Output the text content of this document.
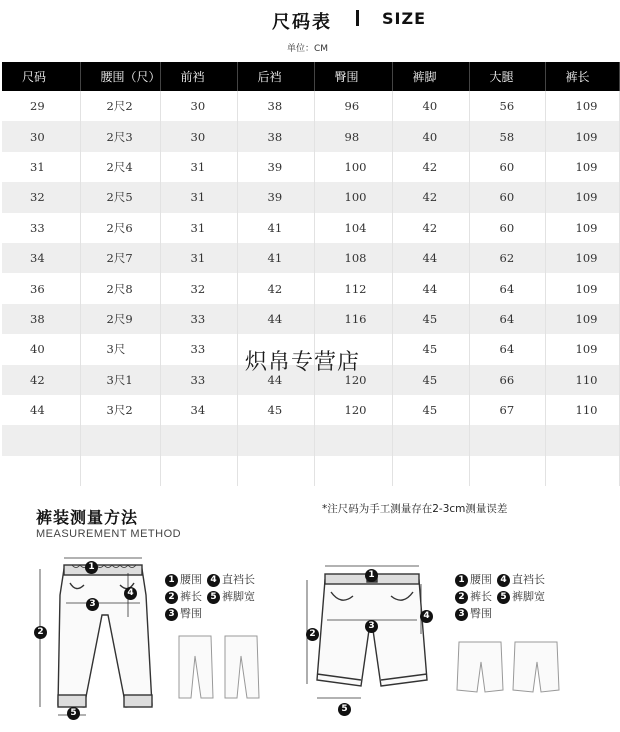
尺码表	SIZE
单位：CM
尺码	腰围（尺）	前裆	后裆	臀围	裤脚	大腿	裤长
29	2尺2	30	38	96	40	56	109
30	2尺3	30	38	98	40	58	109
31	2尺4	31	39	100	42	60	109
32	2尺5	31	39	100	42	60	109
33	2尺6	31	41	104	42	60	109
34	2尺7	31	41	108	44	62	109
36	2尺8	32	42	112	44	64	109
38	2尺9	33	44	116	45	64	109
40	3尺	33			45	64	109
42	3尺1	33	44	120	45	66	110
44	3尺2	34	45	120	45	67	110

炽帛专营店
裤装测量方法
MEASUREMENT METHOD
*注尺码为手工测量存在2-3cm测量误差
1
2
3
4
5
1 腰围 4 直裆长
2 裤长 5 裤脚宽
3 臀围
1
2
3
4
5
1 腰围 4 直裆长
2 裤长 5 裤脚宽
3 臀围
